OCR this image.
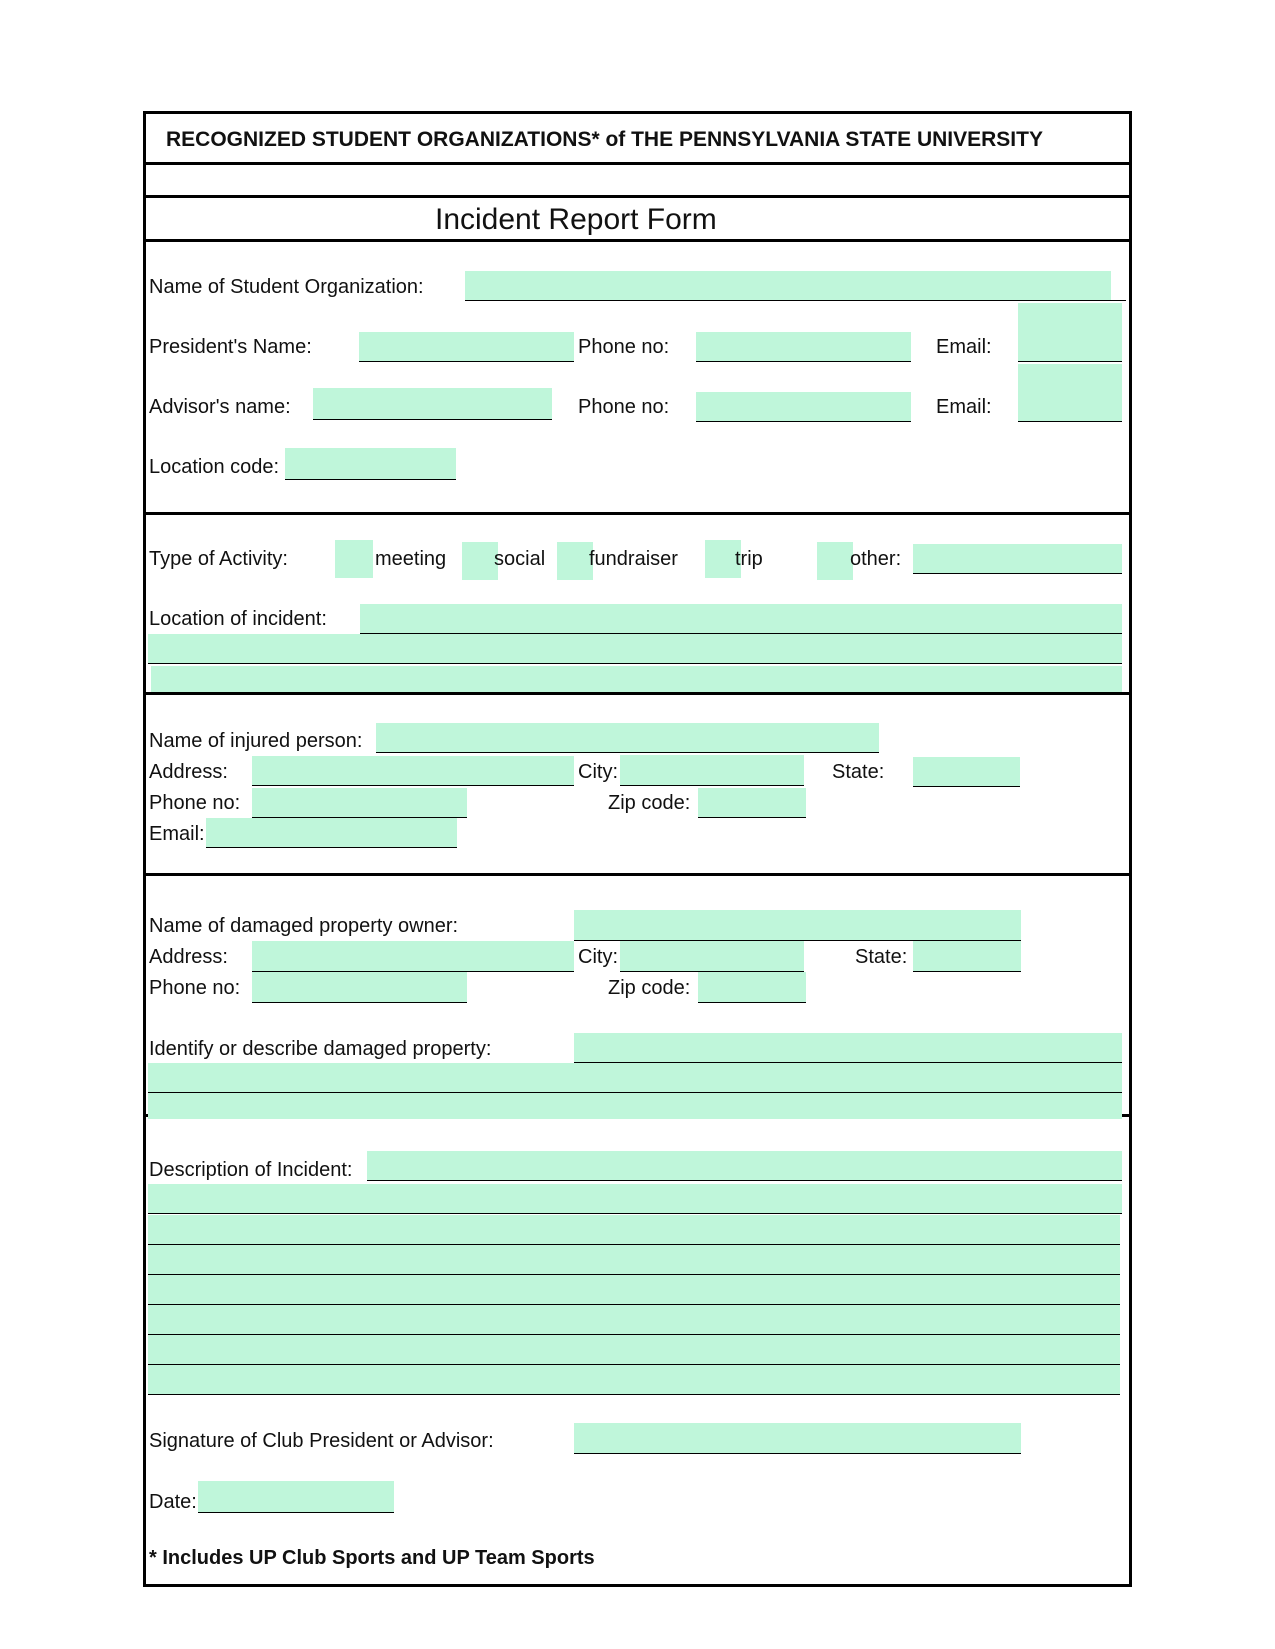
RECOGNIZED STUDENT ORGANIZATIONS* of THE PENNSYLVANIA STATE UNIVERSITY
Incident Report Form
Name of Student Organization:
President's Name:	Phone no:	Email:
Advisor's name:	Phone no:	Email:
Location code:
Type of Activity:	meeting social fundraiser	trip	other:
Location of incident:
Name of injured person:
Address:	City:	State:
Phone no:	Zip code:
Email:
Name of damaged property owner:
Address:	City:	State:
Phone no:	Zip code:
Identify or describe damaged property:
Description of Incident:
Signature of Club President or Advisor:
Date:
* Includes UP Club Sports and UP Team Sports
